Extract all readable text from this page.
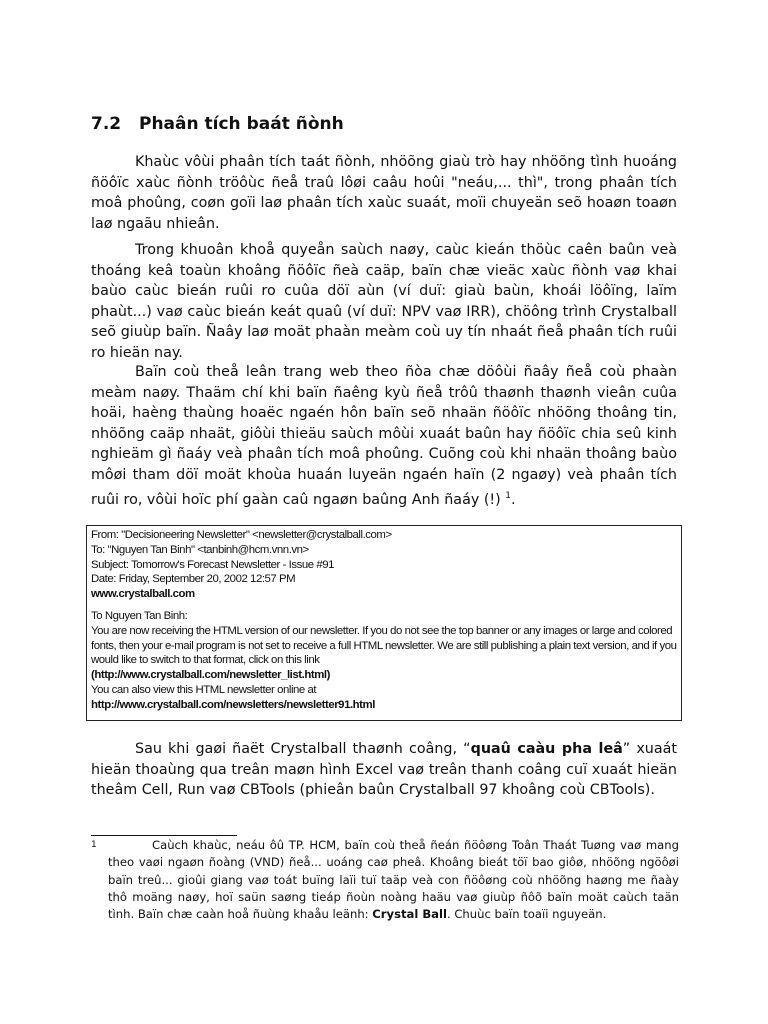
7.2 Phaân tích baát ñònh

Khaùc vôùi phaân tích taát ñònh, nhöõng giaù trò hay nhöõng tình huoáng ñöôïc xaùc ñònh tröôùc ñeå traû lôøi caâu hoûi "neáu,... thì", trong phaân tích moâ phoûng, coøn goïi laø phaân tích xaùc suaát, moïi chuyeän seõ hoaøn toaøn laø ngaãu nhieân.

Trong khuoân khoå quyeån saùch naøy, caùc kieán thöùc caên baûn veà thoáng keâ toaùn khoâng ñöôïc ñeà caäp, baïn chæ vieäc xaùc ñònh vaø khai baùo caùc bieán ruûi ro cuûa döï aùn (ví duï: giaù baùn, khoái löôïng, laïm phaùt...) vaø caùc bieán keát quaû (ví duï: NPV vaø IRR), chöông trình Crystalball seõ giuùp baïn. Ñaây laø moät phaàn meàm coù uy tín nhaát ñeå phaân tích ruûi ro hieän nay.

Baïn coù theå leân trang web theo ñòa chæ döôùi ñaây ñeå coù phaàn meàm naøy. Thaäm chí khi baïn ñaêng kyù ñeå trôû thaønh thaønh vieân cuûa hoäi, haèng thaùng hoaëc ngaén hôn baïn seõ nhaän ñöôïc nhöõng thoâng tin, nhöõng caäp nhaät, giôùi thieäu saùch môùi xuaát baûn hay ñöôïc chia seû kinh nghieäm gì ñaáy veà phaân tích moâ phoûng. Cuõng coù khi nhaän thoâng baùo môøi tham döï moät khoùa huaán luyeän ngaén haïn (2 ngaøy) veà phaân tích ruûi ro, vôùi hoïc phí gaàn caû ngaøn baûng Anh ñaáy (!) $^1$.

From: "Decisioneering Newsletter" <newsletter@crystalball.com>
To: "Nguyen Tan Binh" <tanbinh@hcm.vnn.vn>
Subject: Tomorrow's Forecast Newsletter - Issue #91
Date: Friday, September 20, 2002 12:57 PM
www.crystalball.com
To Nguyen Tan Binh:
You are now receiving the HTML version of our newsletter. If you do not see the top banner or any images or large and colored fonts, then your e-mail program is not set to receive a full HTML newsletter. We are still publishing a plain text version, and if you would like to switch to that format, click on this link
(http://www.crystalball.com/newsletter_list.html)
You can also view this HTML newsletter online at
http://www.crystalball.com/newsletters/newsletter91.html

Sau khi gaøi ñaët Crystalball thaønh coâng, “quaû caàu pha leâ” xuaát hieän thoaùng qua treân maøn hình Excel vaø treân thanh coâng cuï xuaát hieän theâm Cell, Run vaø CBTools (phieân baûn Crystalball 97 khoâng coù CBTools).

1	Caùch khaùc, neáu ôû TP. HCM, baïn coù theå ñeán ñöôøng Toân Thaát Tuøng vaø mang theo vaøi ngaøn ñoàng (VND) ñeå... uoáng caø pheâ. Khoâng bieát töï bao giôø, nhöõng ngöôøi baïn treû... gioûi giang vaø toát buïng laïi tuï taäp veà con ñöôøng coù nhöõng haøng me ñaày thô moäng naøy, hoï saün saøng tieáp ñoùn noàng haäu vaø giuùp ñôõ baïn moät caùch taän tình. Baïn chæ caàn hoå ñuùng khaåu leänh: Crystal Ball. Chuùc baïn toaïi nguyeän.
